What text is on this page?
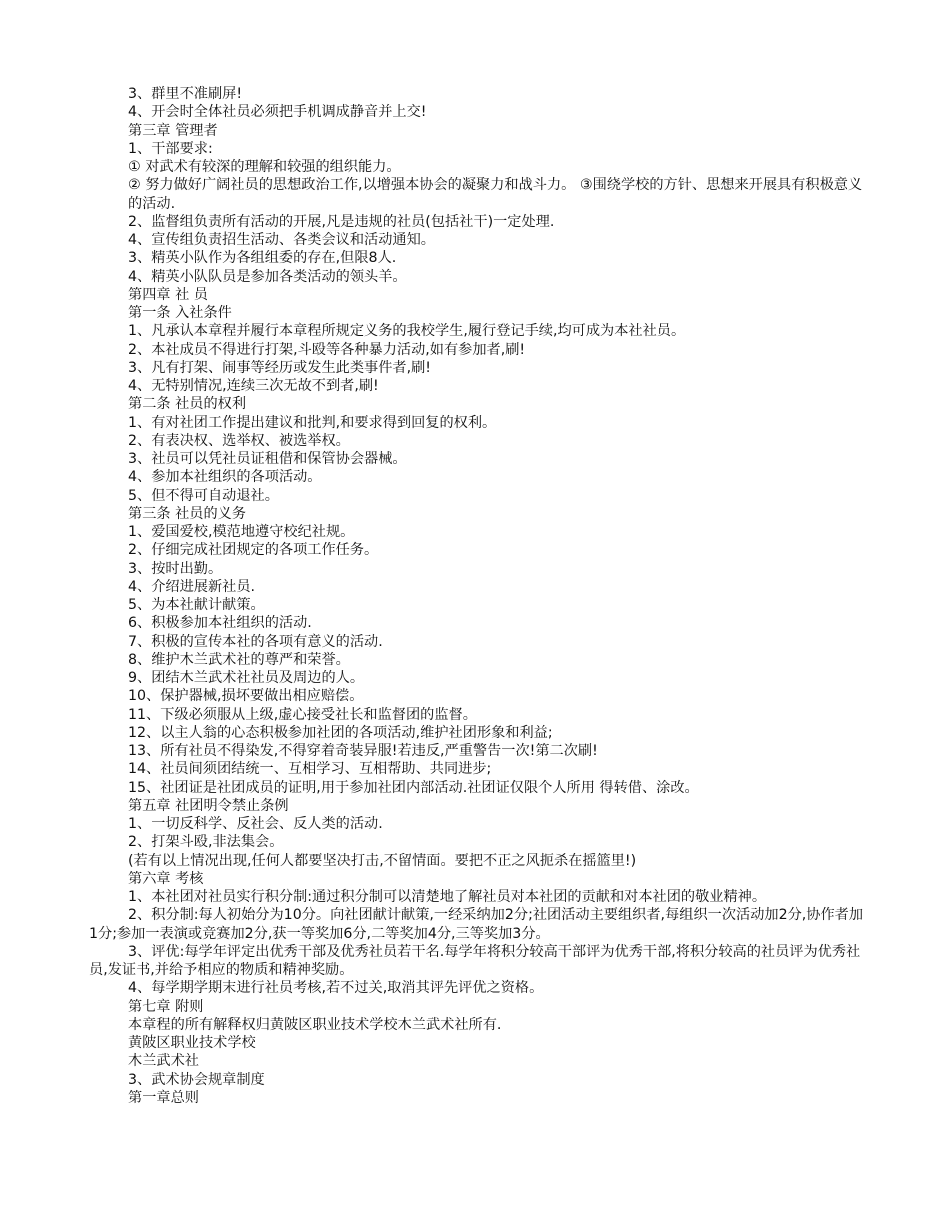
3、群里不准刷屏!
4、开会时全体社员必须把手机调成静音并上交!
第三章 管理者
1、干部要求:
① 对武术有较深的理解和较强的组织能力。
② 努力做好广阔社员的思想政治工作,以增强本协会的凝聚力和战斗力。 ③围绕学校的方针、思想来开展具有积极意义的活动.
2、监督组负责所有活动的开展,凡是违规的社员(包括社干)一定处理.
4、宣传组负责招生活动、各类会议和活动通知。
3、精英小队作为各组组委的存在,但限8人.
4、精英小队队员是参加各类活动的领头羊。
第四章 社 员
第一条 入社条件
1、凡承认本章程并履行本章程所规定义务的我校学生,履行登记手续,均可成为本社社员。
2、本社成员不得进行打架,斗殴等各种暴力活动,如有参加者,刷!
3、凡有打架、闹事等经历或发生此类事件者,刷!
4、无特别情况,连续三次无故不到者,刷!
第二条 社员的权利
1、有对社团工作提出建议和批判,和要求得到回复的权利。
2、有表决权、选举权、被选举权。
3、社员可以凭社员证租借和保管协会器械。
4、参加本社组织的各项活动。
5、但不得可自动退社。
第三条 社员的义务
1、爱国爱校,模范地遵守校纪社规。
2、仔细完成社团规定的各项工作任务。
3、按时出勤。
4、介绍进展新社员.
5、为本社献计献策。
6、积极参加本社组织的活动.
7、积极的宣传本社的各项有意义的活动.
8、维护木兰武术社的尊严和荣誉。
9、团结木兰武术社社员及周边的人。
10、保护器械,损坏要做出相应赔偿。
11、下级必须服从上级,虚心接受社长和监督团的监督。
12、以主人翁的心态积极参加社团的各项活动,维护社团形象和利益;
13、所有社员不得染发,不得穿着奇装异服!若违反,严重警告一次!第二次刷!
14、社员间须团结统一、互相学习、互相帮助、共同进步;
15、社团证是社团成员的证明,用于参加社团内部活动.社团证仅限个人所用 得转借、涂改。
第五章 社团明令禁止条例
1、一切反科学、反社会、反人类的活动.
2、打架斗殴,非法集会。
(若有以上情况出现,任何人都要坚决打击,不留情面。要把不正之风扼杀在摇篮里!)
第六章 考核
1、本社团对社员实行积分制:通过积分制可以清楚地了解社员对本社团的贡献和对本社团的敬业精神。
2、积分制:每人初始分为10分。向社团献计献策,一经采纳加2分;社团活动主要组织者,每组织一次活动加2分,协作者加1分;参加一表演或竞赛加2分,获一等奖加6分,二等奖加4分,三等奖加3分。
3、评优:每学年评定出优秀干部及优秀社员若干名.每学年将积分较高干部评为优秀干部,将积分较高的社员评为优秀社员,发证书,并给予相应的物质和精神奖励。
4、每学期学期末进行社员考核,若不过关,取消其评先评优之资格。
第七章 附则
本章程的所有解释权归黄陂区职业技术学校木兰武术社所有.
黄陂区职业技术学校
木兰武术社
3、武术协会规章制度
第一章总则
